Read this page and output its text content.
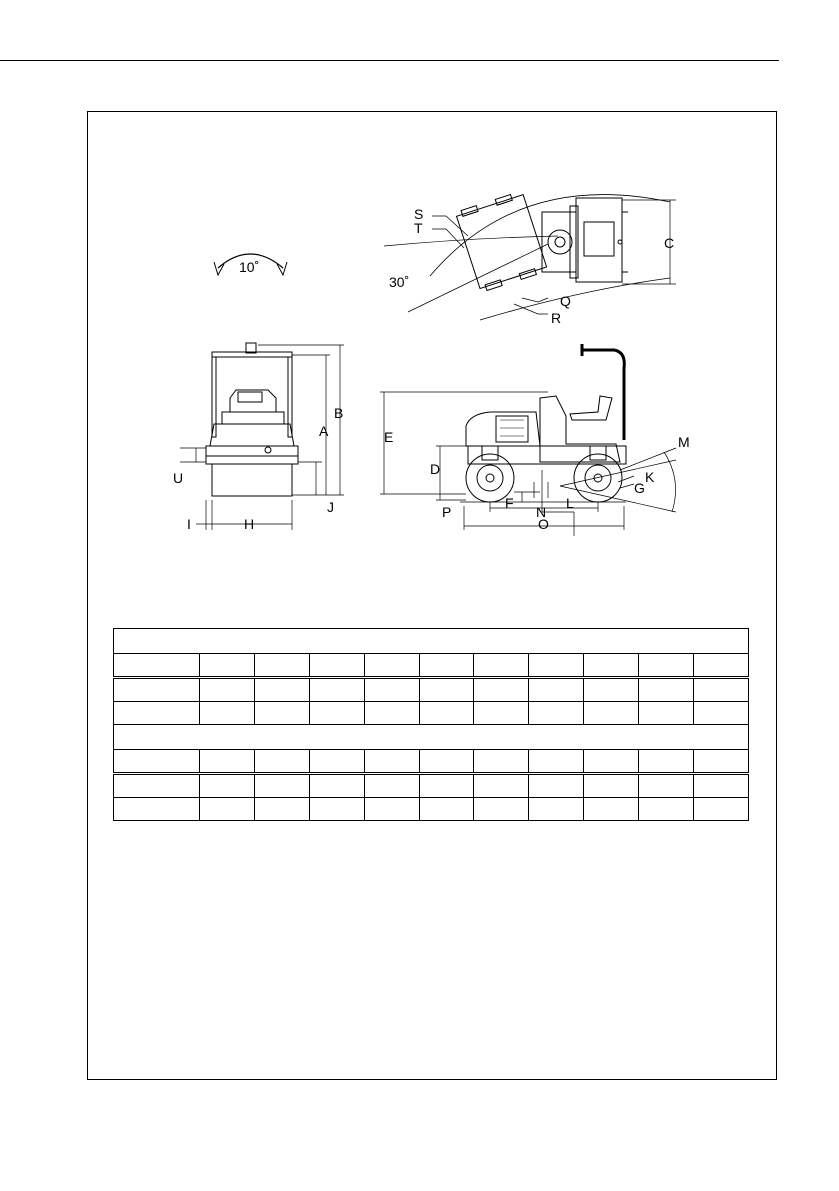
10˚
30˚
B
A
U
J
I	H
S
T
C
Q
R
E
D
M
K
G
F	L
P	N
O
